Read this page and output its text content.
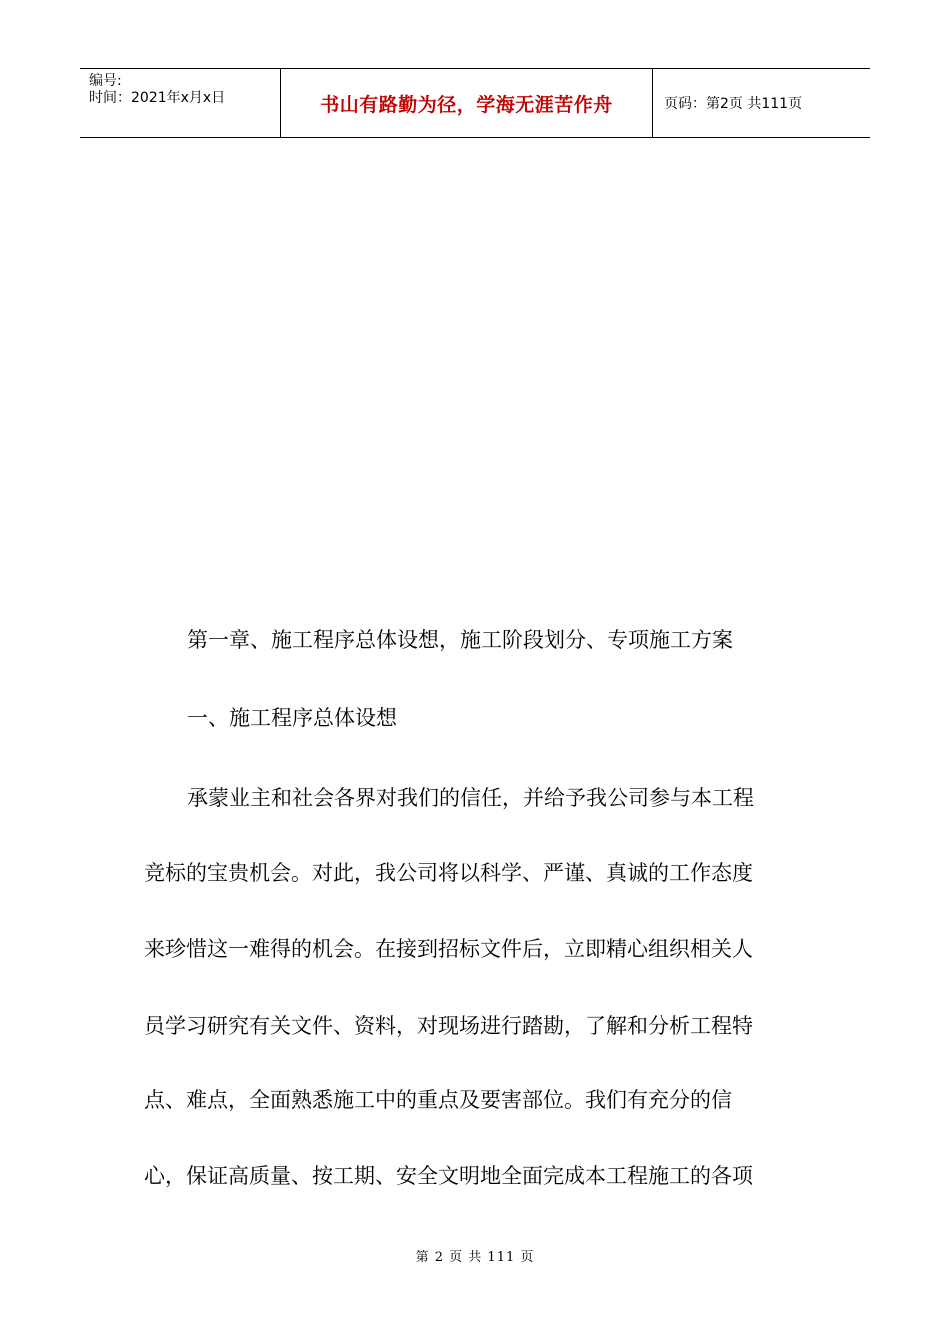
编号:
时间：2021年x月x日	书山有路勤为径，学海无涯苦作舟	页码：第2页 共111页
第一章、施工程序总体设想，施工阶段划分、专项施工方案
一、施工程序总体设想
承蒙业主和社会各界对我们的信任，并给予我公司参与本工程
竞标的宝贵机会。对此，我公司将以科学、严谨、真诚的工作态度
来珍惜这一难得的机会。在接到招标文件后，立即精心组织相关人
员学习研究有关文件、资料，对现场进行踏勘，了解和分析工程特
点、难点，全面熟悉施工中的重点及要害部位。我们有充分的信
心，保证高质量、按工期、安全文明地全面完成本工程施工的各项
第 2 页 共 111 页
